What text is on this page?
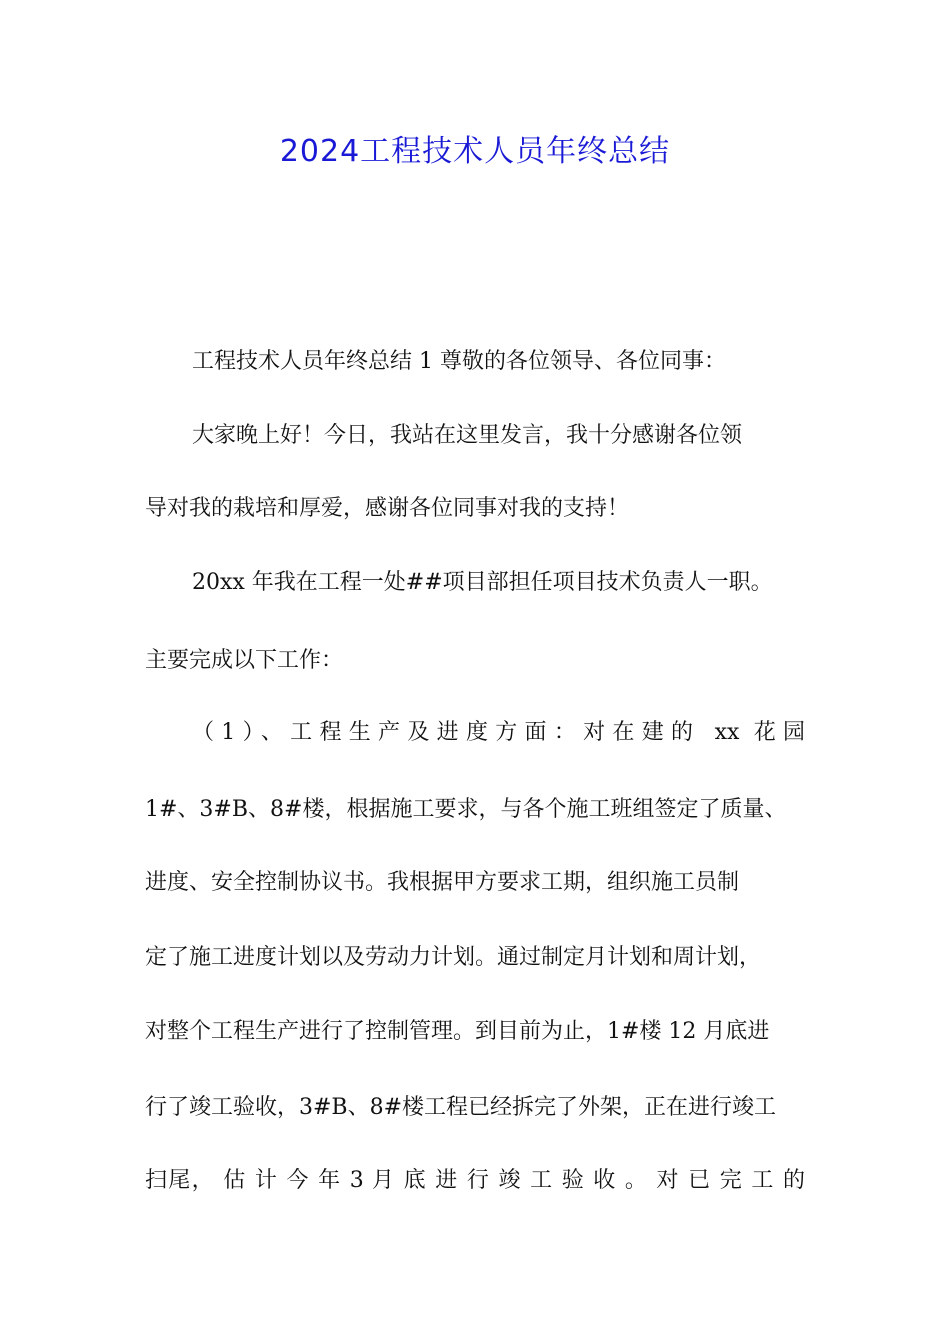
2024工程技术人员年终总结
工程技术人员年终总结 1 尊敬的各位领导、各位同事：
大家晚上好！今日，我站在这里发言，我十分感谢各位领
导对我的栽培和厚爱，感谢各位同事对我的支持！
20xx 年我在工程一处##项目部担任项目技术负责人一职。
主要完成以下工作：
（1）、工程生产及进度方面：对在建的 xx 花园
1#、3#B、8#楼，根据施工要求，与各个施工班组签定了质量、
进度、安全控制协议书。我根据甲方要求工期，组织施工员制
定了施工进度计划以及劳动力计划。通过制定月计划和周计划，
对整个工程生产进行了控制管理。到目前为止，1#楼 12 月底进
行了竣工验收，3#B、8#楼工程已经拆完了外架，正在进行竣工
扫尾， 估 计 今 年 3 月 底 进 行 竣 工 验 收 。 对 已 完 工 的
